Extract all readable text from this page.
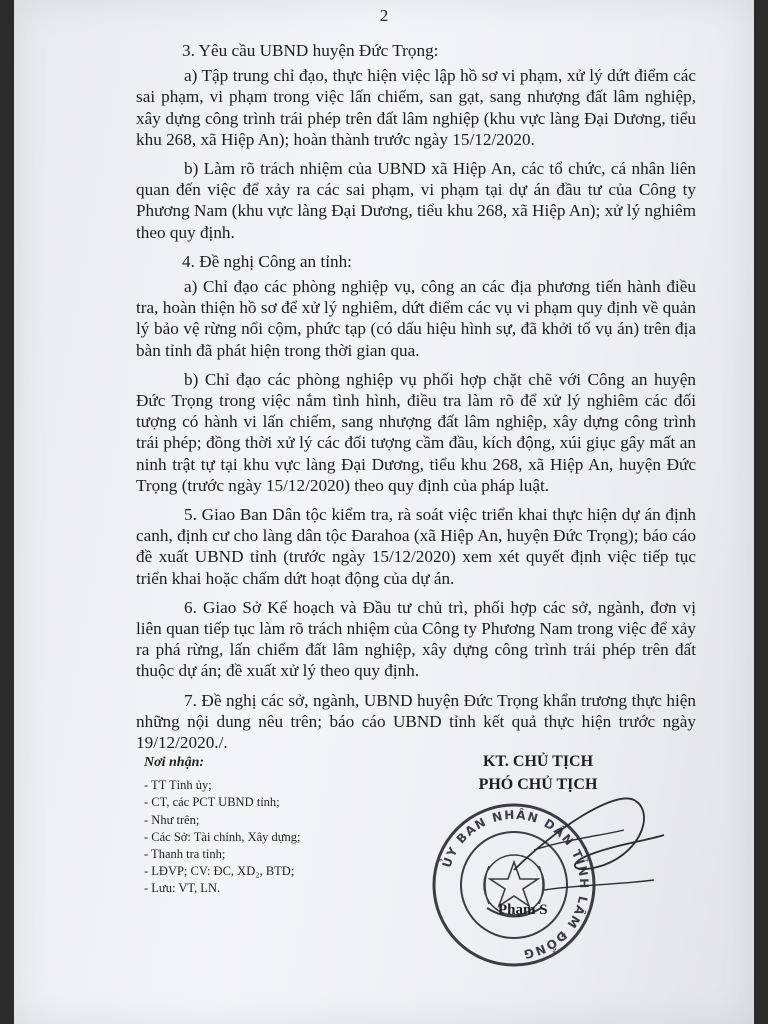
2

3. Yêu cầu UBND huyện Đức Trọng:

a) Tập trung chỉ đạo, thực hiện việc lập hồ sơ vi phạm, xử lý dứt điểm các sai phạm, vi phạm trong việc lấn chiếm, san gạt, sang nhượng đất lâm nghiệp, xây dựng công trình trái phép trên đất lâm nghiệp (khu vực làng Đại Dương, tiểu khu 268, xã Hiệp An); hoàn thành trước ngày 15/12/2020.

b) Làm rõ trách nhiệm của UBND xã Hiệp An, các tổ chức, cá nhân liên quan đến việc để xảy ra các sai phạm, vi phạm tại dự án đầu tư của Công ty Phương Nam (khu vực làng Đại Dương, tiểu khu 268, xã Hiệp An); xử lý nghiêm theo quy định.

4. Đề nghị Công an tỉnh:

a) Chỉ đạo các phòng nghiệp vụ, công an các địa phương tiến hành điều tra, hoàn thiện hồ sơ để xử lý nghiêm, dứt điểm các vụ vi phạm quy định về quản lý bảo vệ rừng nổi cộm, phức tạp (có dấu hiệu hình sự, đã khởi tố vụ án) trên địa bàn tỉnh đã phát hiện trong thời gian qua.

b) Chỉ đạo các phòng nghiệp vụ phối hợp chặt chẽ với Công an huyện Đức Trọng trong việc nắm tình hình, điều tra làm rõ để xử lý nghiêm các đối tượng có hành vi lấn chiếm, sang nhượng đất lâm nghiệp, xây dựng công trình trái phép; đồng thời xử lý các đối tượng cầm đầu, kích động, xúi giục gây mất an ninh trật tự tại khu vực làng Đại Dương, tiểu khu 268, xã Hiệp An, huyện Đức Trọng (trước ngày 15/12/2020) theo quy định của pháp luật.

5. Giao Ban Dân tộc kiểm tra, rà soát việc triển khai thực hiện dự án định canh, định cư cho làng dân tộc Đarahoa (xã Hiệp An, huyện Đức Trọng); báo cáo đề xuất UBND tỉnh (trước ngày 15/12/2020) xem xét quyết định việc tiếp tục triển khai hoặc chấm dứt hoạt động của dự án.

6. Giao Sở Kế hoạch và Đầu tư chủ trì, phối hợp các sở, ngành, đơn vị liên quan tiếp tục làm rõ trách nhiệm của Công ty Phương Nam trong việc để xảy ra phá rừng, lấn chiếm đất lâm nghiệp, xây dựng công trình trái phép trên đất thuộc dự án; đề xuất xử lý theo quy định.

7. Đề nghị các sở, ngành, UBND huyện Đức Trọng khẩn trương thực hiện những nội dung nêu trên; báo cáo UBND tỉnh kết quả thực hiện trước ngày 19/12/2020./.

Nơi nhận:
- TT Tỉnh ủy;
- CT, các PCT UBND tỉnh;
- Như trên;
- Các Sở: Tài chính, Xây dựng;
- Thanh tra tỉnh;
- LĐVP; CV: ĐC, XD₂, BTD;
- Lưu: VT, LN.
KT. CHỦ TỊCH
PHÓ CHỦ TỊCH
ỦY BAN NHÂN DÂN TỈNH LÂM ĐỒNG
Phạm S
